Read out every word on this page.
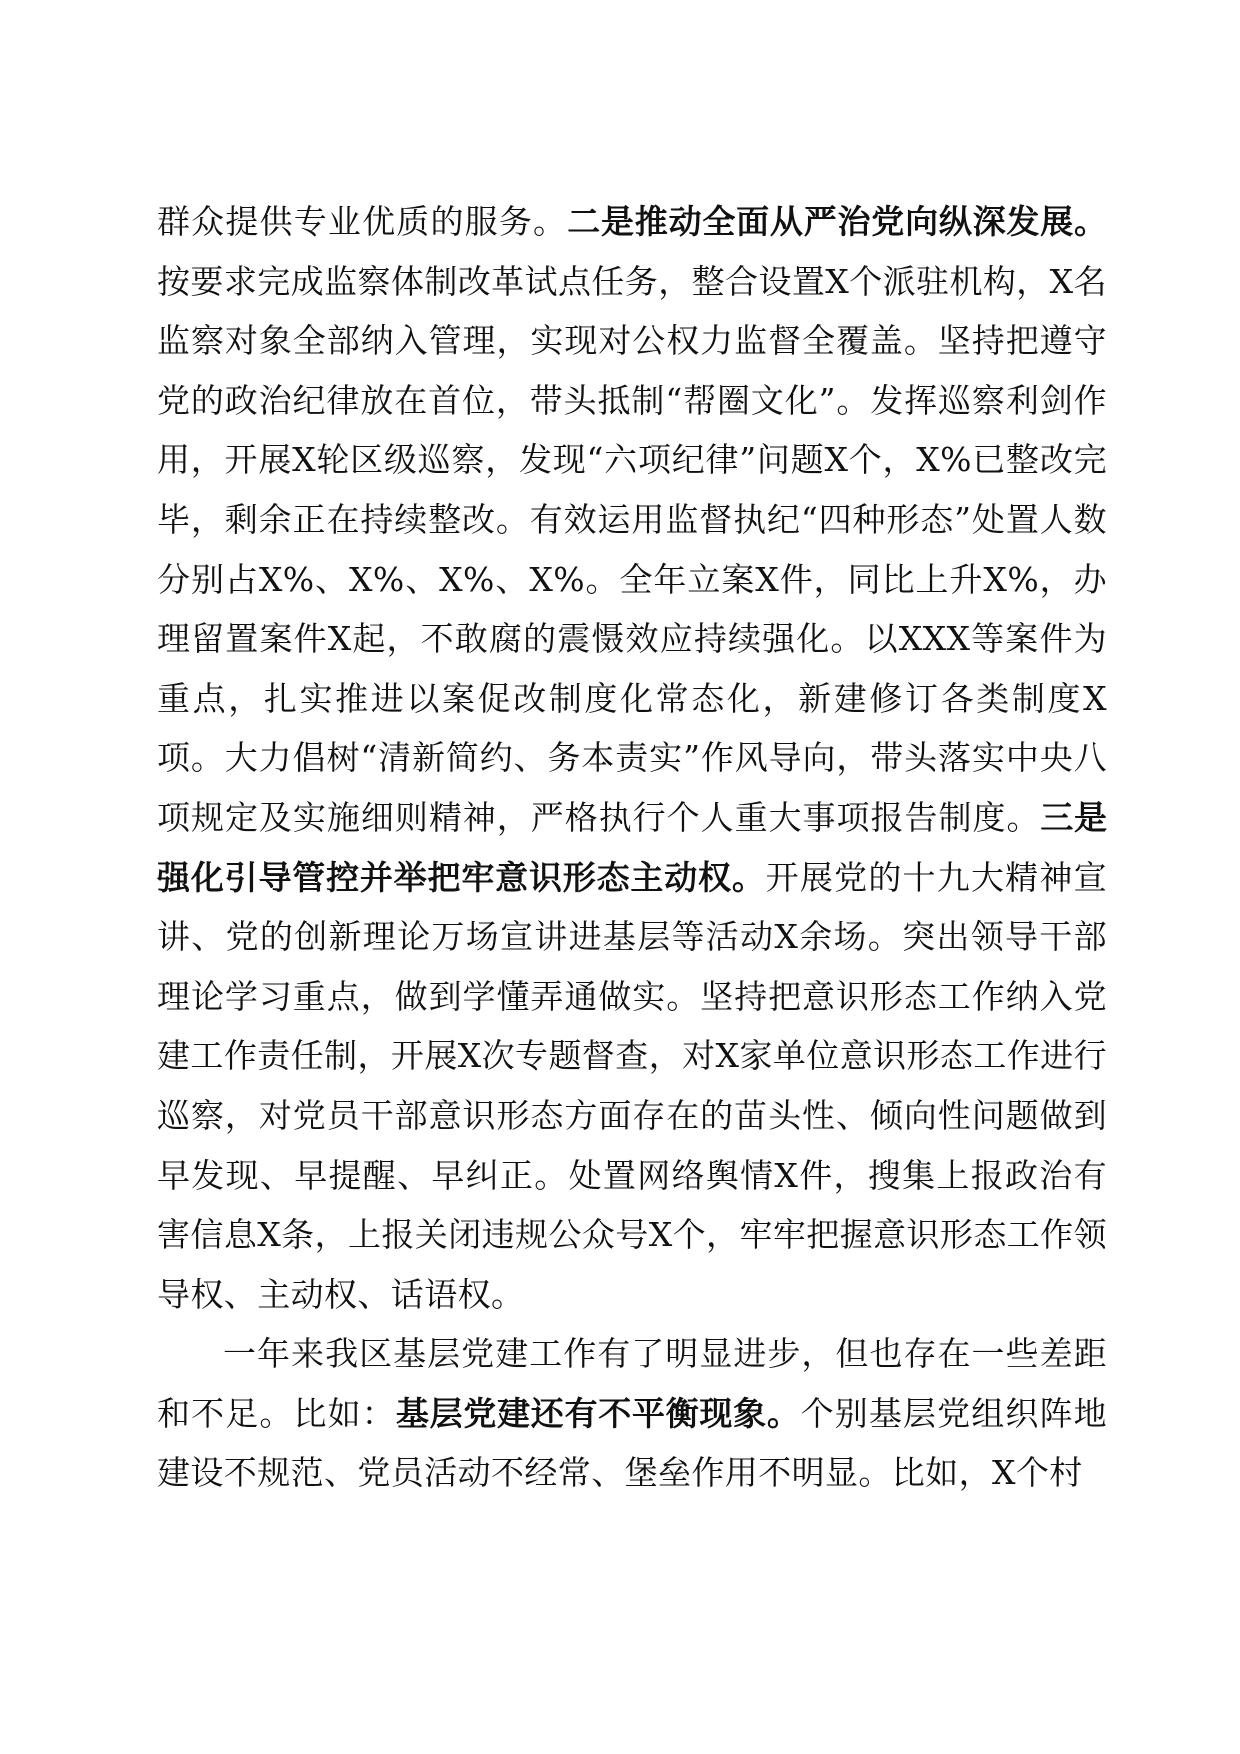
群众提供专业优质的服务。二是推动全面从严治党向纵深发展。按要求完成监察体制改革试点任务，整合设置X个派驻机构，X名监察对象全部纳入管理，实现对公权力监督全覆盖。坚持把遵守党的政治纪律放在首位，带头抵制“帮圈文化”。发挥巡察利剑作用，开展X轮区级巡察，发现“六项纪律”问题X个，X%已整改完毕，剩余正在持续整改。有效运用监督执纪“四种形态”处置人数分别占X%、X%、X%、X%。全年立案X件，同比上升X%，办理留置案件X起，不敢腐的震慑效应持续强化。以XXX等案件为重点，扎实推进以案促改制度化常态化，新建修订各类制度X项。大力倡树“清新简约、务本责实”作风导向，带头落实中央八项规定及实施细则精神，严格执行个人重大事项报告制度。三是强化引导管控并举把牢意识形态主动权。开展党的十九大精神宣讲、党的创新理论万场宣讲进基层等活动X余场。突出领导干部理论学习重点，做到学懂弄通做实。坚持把意识形态工作纳入党建工作责任制，开展X次专题督查，对X家单位意识形态工作进行巡察，对党员干部意识形态方面存在的苗头性、倾向性问题做到早发现、早提醒、早纠正。处置网络舆情X件，搜集上报政治有害信息X条，上报关闭违规公众号X个，牢牢把握意识形态工作领导权、主动权、话语权。

一年来我区基层党建工作有了明显进步，但也存在一些差距和不足。比如：基层党建还有不平衡现象。个别基层党组织阵地建设不规范、党员活动不经常、堡垒作用不明显。比如，X个村
